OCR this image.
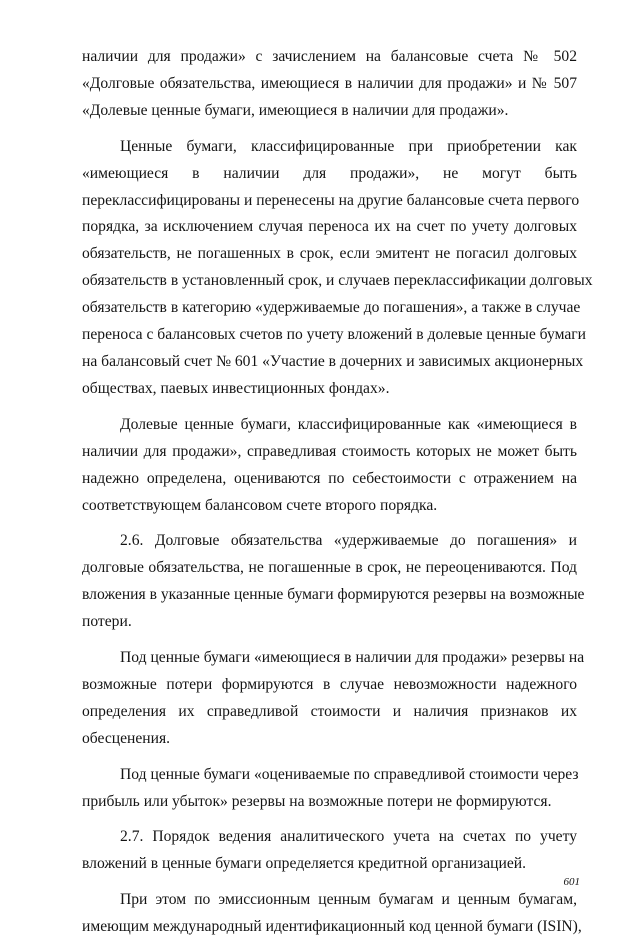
наличии для продажи» с зачислением на балансовые счета № 502
«Долговые обязательства, имеющиеся в наличии для продажи» и № 507
«Долевые ценные бумаги, имеющиеся в наличии для продажи».
Ценные бумаги, классифицированные при приобретении как
«имеющиеся в наличии для продажи», не могут быть
переклассифицированы и перенесены на другие балансовые счета первого
порядка, за исключением случая переноса их на счет по учету долговых
обязательств, не погашенных в срок, если эмитент не погасил долговых
обязательств в установленный срок, и случаев переклассификации долговых
обязательств в категорию «удерживаемые до погашения», а также в случае
переноса с балансовых счетов по учету вложений в долевые ценные бумаги
на балансовый счет № 601 «Участие в дочерних и зависимых акционерных
обществах, паевых инвестиционных фондах».
Долевые ценные бумаги, классифицированные как «имеющиеся в
наличии для продажи», справедливая стоимость которых не может быть
надежно определена, оцениваются по себестоимости с отражением на
соответствующем балансовом счете второго порядка.
2.6. Долговые обязательства «удерживаемые до погашения» и
долговые обязательства, не погашенные в срок, не переоцениваются. Под
вложения в указанные ценные бумаги формируются резервы на возможные
потери.
Под ценные бумаги «имеющиеся в наличии для продажи» резервы на
возможные потери формируются в случае невозможности надежного
определения их справедливой стоимости и наличия признаков их
обесценения.
Под ценные бумаги «оцениваемые по справедливой стоимости через
прибыль или убыток» резервы на возможные потери не формируются.
2.7. Порядок ведения аналитического учета на счетах по учету
вложений в ценные бумаги определяется кредитной организацией.
При этом по эмиссионным ценным бумагам и ценным бумагам,
имеющим международный идентификационный код ценной бумаги (ISIN),
601
